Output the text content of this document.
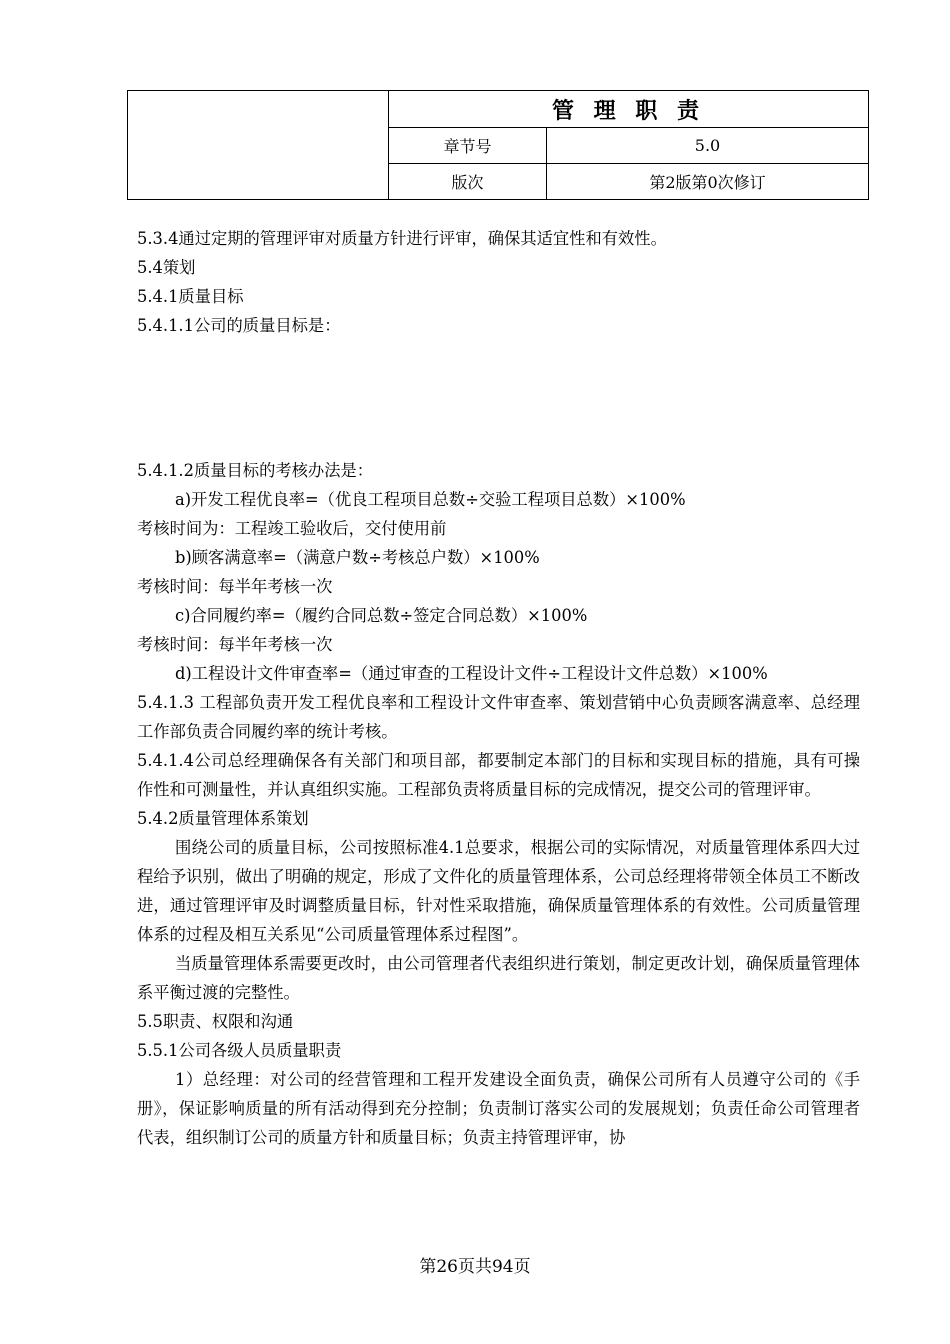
	管 理 职 责	
	章节号	5.0
	版次	第2版第0次修订

5.3.4通过定期的管理评审对质量方针进行评审，确保其适宜性和有效性。

5.4策划

5.4.1质量目标

5.4.1.1公司的质量目标是：

5.4.1.2质量目标的考核办法是：

a)开发工程优良率=（优良工程项目总数÷交验工程项目总数）×100%

考核时间为：工程竣工验收后，交付使用前

b)顾客满意率=（满意户数÷考核总户数）×100%

考核时间：每半年考核一次

c)合同履约率=（履约合同总数÷签定合同总数）×100%

考核时间：每半年考核一次

d)工程设计文件审查率=（通过审查的工程设计文件÷工程设计文件总数）×100%

5.4.1.3 工程部负责开发工程优良率和工程设计文件审查率、策划营销中心负责顾客满意率、总经理工作部负责合同履约率的统计考核。

5.4.1.4公司总经理确保各有关部门和项目部，都要制定本部门的目标和实现目标的措施，具有可操作性和可测量性，并认真组织实施。工程部负责将质量目标的完成情况，提交公司的管理评审。

5.4.2质量管理体系策划

围绕公司的质量目标，公司按照标准4.1总要求，根据公司的实际情况，对质量管理体系四大过程给予识别，做出了明确的规定，形成了文件化的质量管理体系，公司总经理将带领全体员工不断改进，通过管理评审及时调整质量目标，针对性采取措施，确保质量管理体系的有效性。公司质量管理体系的过程及相互关系见“公司质量管理体系过程图”。

当质量管理体系需要更改时，由公司管理者代表组织进行策划，制定更改计划，确保质量管理体系平衡过渡的完整性。

5.5职责、权限和沟通

5.5.1公司各级人员质量职责

1）总经理：对公司的经营管理和工程开发建设全面负责，确保公司所有人员遵守公司的《手册》，保证影响质量的所有活动得到充分控制；负责制订落实公司的发展规划；负责任命公司管理者代表，组织制订公司的质量方针和质量目标；负责主持管理评审，协

第26页共94页
